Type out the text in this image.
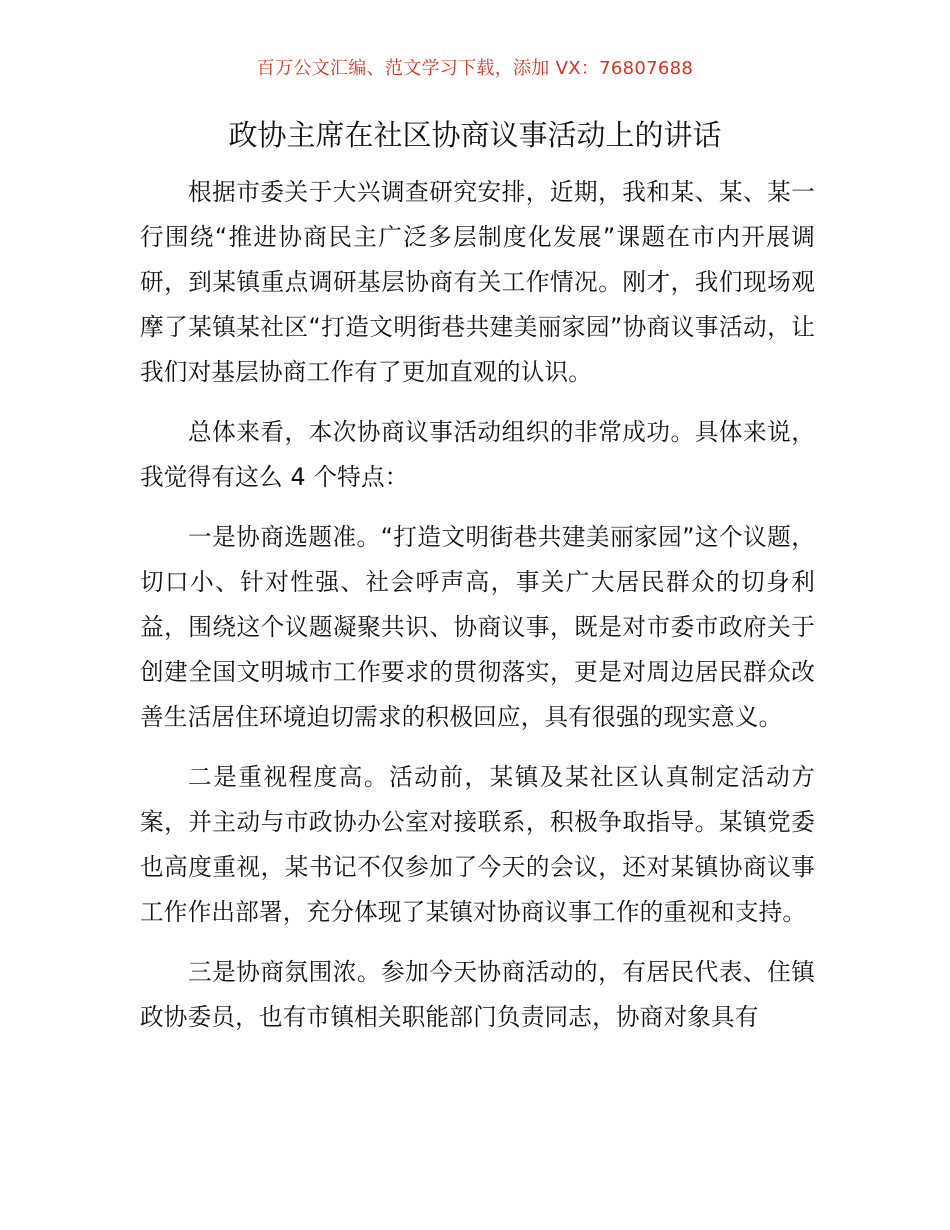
百万公文汇编、范文学习下载，添加 VX：76807688
政协主席在社区协商议事活动上的讲话

根据市委关于大兴调查研究安排，近期，我和某、某、某一行围绕“推进协商民主广泛多层制度化发展”课题在市内开展调研，到某镇重点调研基层协商有关工作情况。刚才，我们现场观摩了某镇某社区“打造文明街巷共建美丽家园”协商议事活动，让我们对基层协商工作有了更加直观的认识。

总体来看，本次协商议事活动组织的非常成功。具体来说，我觉得有这么 4 个特点：

一是协商选题准。“打造文明街巷共建美丽家园”这个议题，切口小、针对性强、社会呼声高，事关广大居民群众的切身利益，围绕这个议题凝聚共识、协商议事，既是对市委市政府关于创建全国文明城市工作要求的贯彻落实，更是对周边居民群众改善生活居住环境迫切需求的积极回应，具有很强的现实意义。

二是重视程度高。活动前，某镇及某社区认真制定活动方案，并主动与市政协办公室对接联系，积极争取指导。某镇党委也高度重视，某书记不仅参加了今天的会议，还对某镇协商议事工作作出部署，充分体现了某镇对协商议事工作的重视和支持。

三是协商氛围浓。参加今天协商活动的，有居民代表、住镇政协委员，也有市镇相关职能部门负责同志，协商对象具有
